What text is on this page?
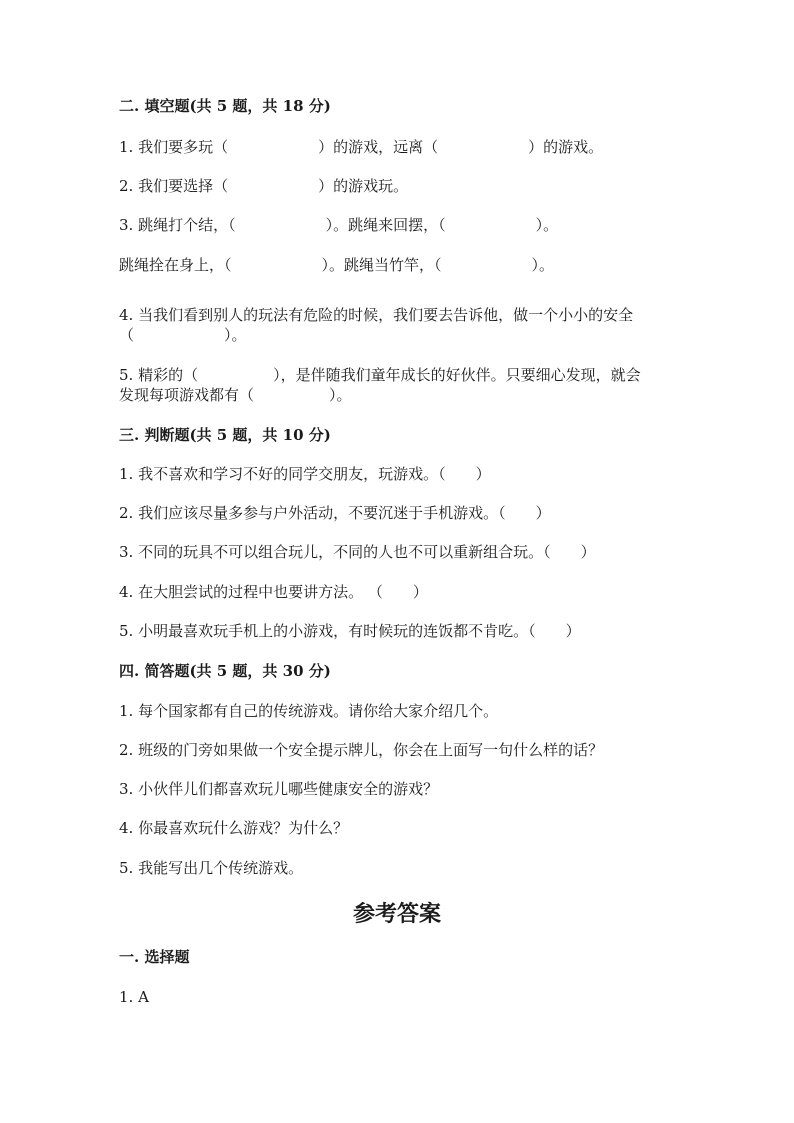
二. 填空题(共 5 题，共 18 分)
1. 我们要多玩（　　　　　　）的游戏，远离（　　　　　　）的游戏。
2. 我们要选择（　　　　　　）的游戏玩。
3. 跳绳打个结，（　　　　　　）。跳绳来回摆，（　　　　　　）。
跳绳拴在身上，（　　　　　　）。跳绳当竹竿，（　　　　　　）。
4. 当我们看到别人的玩法有危险的时候，我们要去告诉他，做一个小小的安全
（　　　　　　）。
5. 精彩的（　　　　　），是伴随我们童年成长的好伙伴。只要细心发现，就会
发现每项游戏都有（　　　　　）。
三. 判断题(共 5 题，共 10 分)
1. 我不喜欢和学习不好的同学交朋友，玩游戏。（　　）
2. 我们应该尽量多参与户外活动，不要沉迷于手机游戏。（　　）
3. 不同的玩具不可以组合玩儿，不同的人也不可以重新组合玩。（　　）
4. 在大胆尝试的过程中也要讲方法。 （　　）
5. 小明最喜欢玩手机上的小游戏，有时候玩的连饭都不肯吃。（　　）
四. 简答题(共 5 题，共 30 分)
1. 每个国家都有自己的传统游戏。请你给大家介绍几个。
2. 班级的门旁如果做一个安全提示牌儿，你会在上面写一句什么样的话？
3. 小伙伴儿们都喜欢玩儿哪些健康安全的游戏？
4. 你最喜欢玩什么游戏？为什么？
5. 我能写出几个传统游戏。
参考答案
一. 选择题
1. A
